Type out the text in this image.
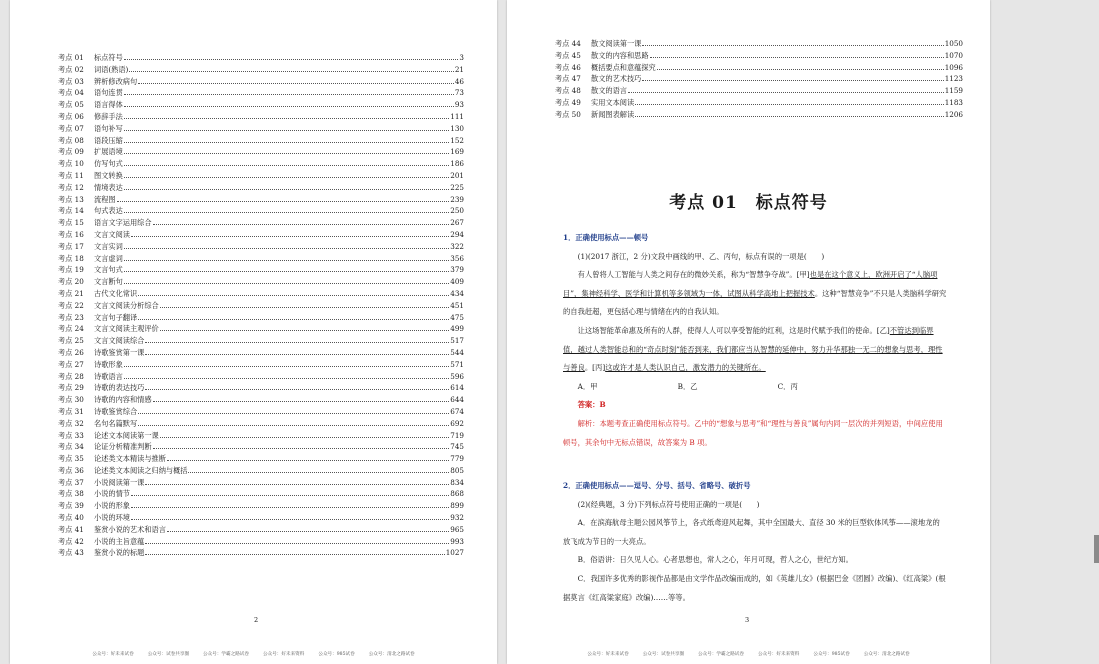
考点 01	标点符号	3
考点 02	词语(熟语)	21
考点 03	辨析修改病句	46
考点 04	语句连贯	73
考点 05	语言得体	93
考点 06	修辞手法	111
考点 07	语句补写	130
考点 08	语段压缩	152
考点 09	扩展语境	169
考点 10	仿写句式	186
考点 11	图文转换	201
考点 12	情境表达	225
考点 13	流程图	239
考点 14	句式表达	250
考点 15	语言文字运用综合	267
考点 16	文言文阅读	294
考点 17	文言实词	322
考点 18	文言虚词	356
考点 19	文言句式	379
考点 20	文言断句	409
考点 21	古代文化常识	434
考点 22	文言文阅读分析综合	451
考点 23	文言句子翻译	475
考点 24	文言文阅读主观评价	499
考点 25	文言文阅读综合	517
考点 26	诗歌鉴赏第一课	544
考点 27	诗歌形象	571
考点 28	诗歌语言	596
考点 29	诗歌的表达技巧	614
考点 30	诗歌的内容和情感	644
考点 31	诗歌鉴赏综合	674
考点 32	名句名篇默写	692
考点 33	论述文本阅读第一课	719
考点 34	论证分析精准判断	745
考点 35	论述类文本精读与推断	779
考点 36	论述类文本阅读之归纳与概括	805
考点 37	小说阅读第一课	834
考点 38	小说的情节	868
考点 39	小说的形象	899
考点 40	小说的环境	932
考点 41	鉴赏小说的艺术和语言	965
考点 42	小说的主旨意蕴	993
考点 43	鉴赏小说的标题	1027
2
公众号：好未来试卷	公众号：试卷共享圈	公众号：学霸之路试卷	公众号：好未来资料	公众号：985试卷	公众号：清北之路试卷
考点 44	散文阅读第一课	1050
考点 45	散文的内容和思路	1070
考点 46	概括要点和意蕴探究	1096
考点 47	散文的艺术技巧	1123
考点 48	散文的语言	1159
考点 49	实用文本阅读	1183
考点 50	新闻图表解读	1206
考点 01　标点符号
1．正确使用标点——顿号
(1)(2017 浙江，2 分)文段中画线的甲、乙、丙句，标点有误的一项是(　　)
有人曾将人工智能与人类之间存在的微妙关系，称为“智慧争夺战”。[甲]也是在这个意义上，欧洲开启了“人脑项目”，集神经科学、医学和计算机等多领域为一体，试图从科学高地上把握技术。这种“智慧竞争”不只是人类脑科学研究的自我赶超，更包括心理与情绪在内的自我认知。
让这场智能革命惠及所有的人群，使得人人可以享受智能的红利，这是时代赋予我们的使命。[乙]不管达到临界值，越过人类智能总和的“奇点时刻”能否到来，我们都应当从智慧的延伸中，努力升华那独一无二的想象与思考，理性与善良。[丙]这或许才是人类认识自己，激发潜力的关键所在。
A．甲	B．乙	C．丙
答案：B
解析：本题考查正确使用标点符号。乙中的“想象与思考”和“理性与善良”属句内同一层次的并列短语，中间应使用顿号，其余句中无标点错误，故答案为 B 项。
2．正确使用标点——逗号、分号、括号、省略号、破折号
(2)(经典题，3 分)下列标点符号使用正确的一项是(　　)
A．在滨海航母主题公园风筝节上，各式纸鸢迎风起舞，其中全国最大、直径 30 米的巨型软体风筝——滚地龙的放飞成为节日的一大亮点。
B．俗语讲：日久见人心。心者思想也，常人之心，年月可现，哲人之心，世纪方知。
C．我国许多优秀的影视作品都是由文学作品改编而成的，如《英雄儿女》(根据巴金《团圆》改编)、《红高粱》(根据莫言《红高粱家庭》改编)……等等。
3
公众号：好未来试卷	公众号：试卷共享圈	公众号：学霸之路试卷	公众号：好未来资料	公众号：985试卷	公众号：清北之路试卷
